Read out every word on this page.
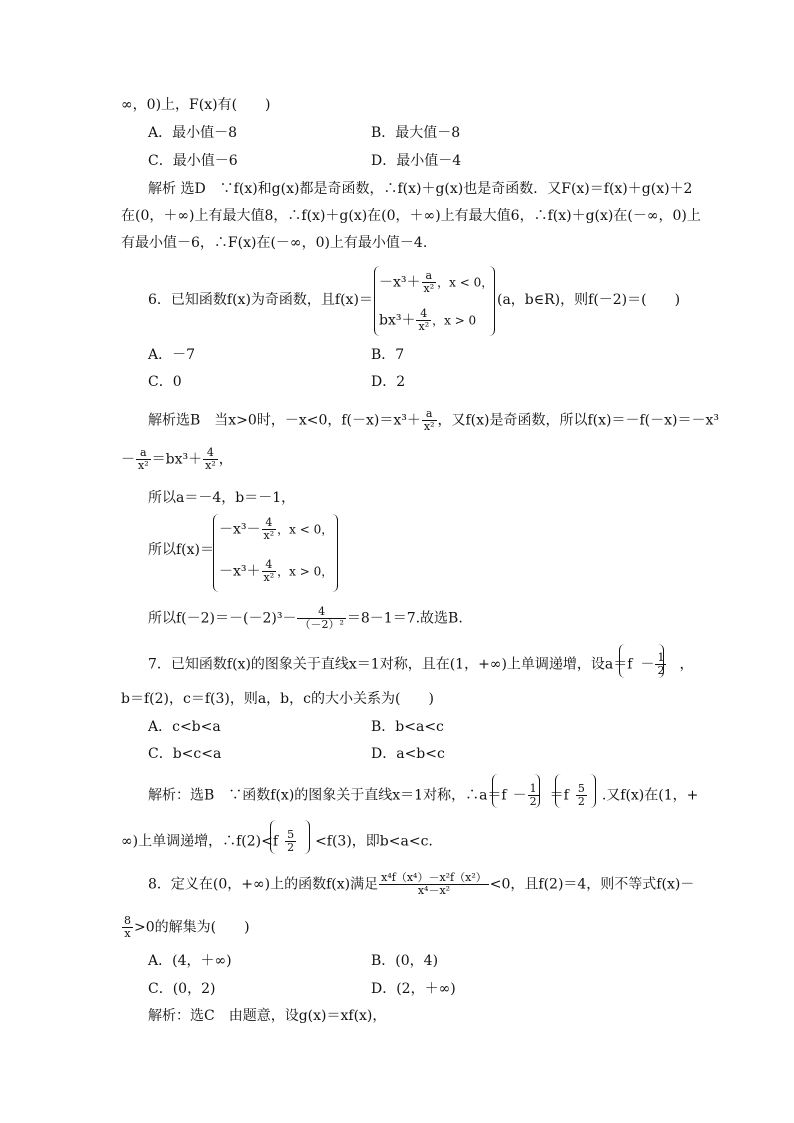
∞，0)上，F(x)有(　　)
A．最小值－8	B．最大值－8
C．最小值－6	D．最小值－4
解析 选D　∵f(x)和g(x)都是奇函数，∴f(x)＋g(x)也是奇函数．又F(x)＝f(x)＋g(x)＋2
在(0，＋∞)上有最大值8，∴f(x)＋g(x)在(0，＋∞)上有最大值6，∴f(x)＋g(x)在(－∞，0)上
有最小值－6，∴F(x)在(－∞，0)上有最小值－4.
6．已知函数f(x)为奇函数，且f(x)＝
$-x^3+ \frac{a}{\text{x²}}$ ，x < 0，
$bx^3+ \frac{4}{\text{x²}}$ ，x > 0
(a，b∈R)，则f(－2)＝(　　)
A．－7	B．7
C．0	D．2
解析选B　当x>0时，－x<0，$f(-x)=x^3+ \frac{a}{\text{x²}}$ ，又f(x)是奇函数，所以f(x)＝－f(－x)＝－x³
－ $\frac{a}{\text{x²}} =bx^3+ \frac{4}{\text{x²}}$ ，
所以a＝－4，b＝－1，
所以f(x)＝
$-x^3- \frac{4}{\text{x²}}$ ，x < 0，
$-x^3+ \frac{4}{\text{x²}}$ ，x > 0，
所以$f(-2)=-(-2)^3- \frac{4}{\text{（－2）²}} =8-1=7$.故选B.
7．已知函数f(x)的图象关于直线x＝1对称，且在(1，+∞)上单调递增，设$a=f - \frac{1}{2}$ ，
b＝f(2)，c＝f(3)，则a，b，c的大小关系为(　　)
A．c<b<a	B．b<a<c
C．b<c<a	D．a<b<c
解析：选B　∵函数f(x)的图象关于直线x＝1对称，∴a＝f － $\frac{1}{2} =f \frac{5}{2}$ .又f(x)在(1，+
∞)上单调递增，∴f(2)<f $\frac{5}{2} <f(3)$，即b<a<c.
8．定义在(0，+∞)上的函数f(x)满足 $\frac{\text{x⁴f（x⁴）－x²f（x²）}}{\text{x⁴－x²}} <0$，且f(2)＝4，则不等式f(x)－
$\frac{8}{x} >0$的解集为(　　)
A．(4，＋∞)	B．(0，4)
C．(0，2)	D．(2，＋∞)
解析：选C　由题意，设g(x)＝xf(x)，
